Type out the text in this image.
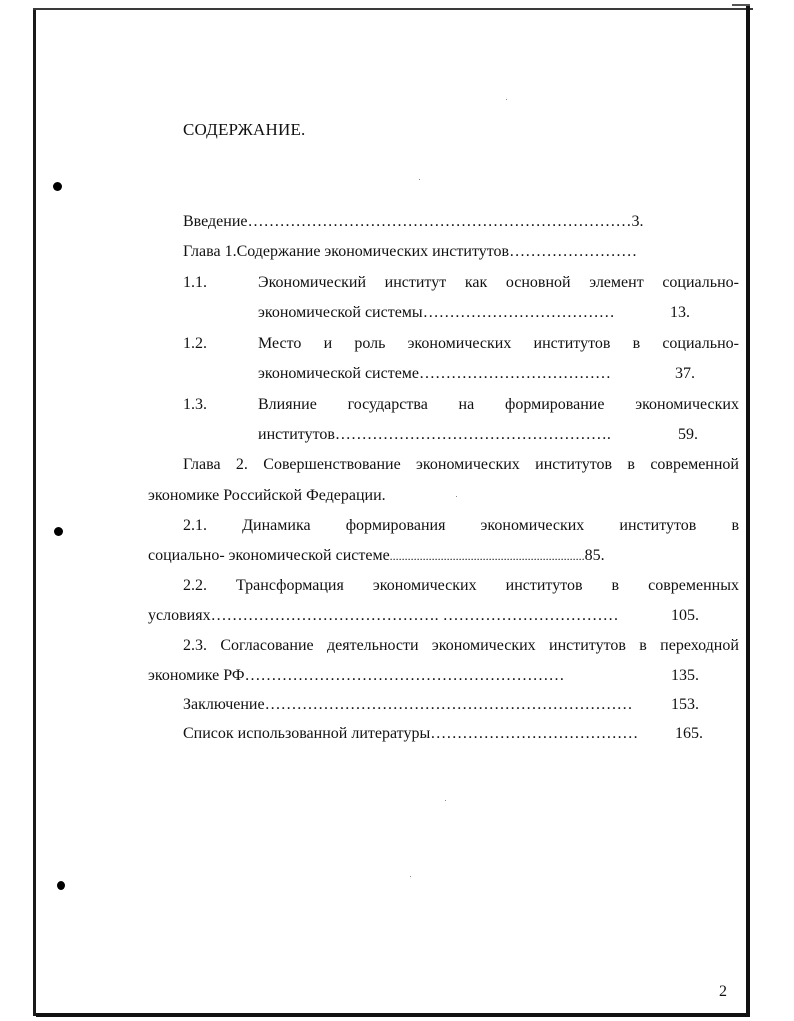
СОДЕРЖАНИЕ.
Введение………………………………………………………………3.
Глава 1.Содержание экономических институтов……………………
1.1.	Экономический институт как основной элемент социально-
экономической системы………………………………	13.
1.2.	Место и роль экономических институтов в социально-
экономической системе………………………………	37.
1.3.	Влияние государства на формирование экономических
институтов…………………………………………….	59.
Глава 2. Совершенствование экономических институтов в современной
экономике Российской Федерации.
2.1. Динамика формирования экономических институтов в
социально- экономической системе.................................................................85.
2.2. Трансформация экономических институтов в современных
условиях……………………………………. ……………………………	105.
2.3. Согласование деятельности экономических институтов в переходной
экономике РФ……………………………………………………	135.
Заключение…………………………………………………………… 153.
Список использованной литературы………………………………… 165.
2
